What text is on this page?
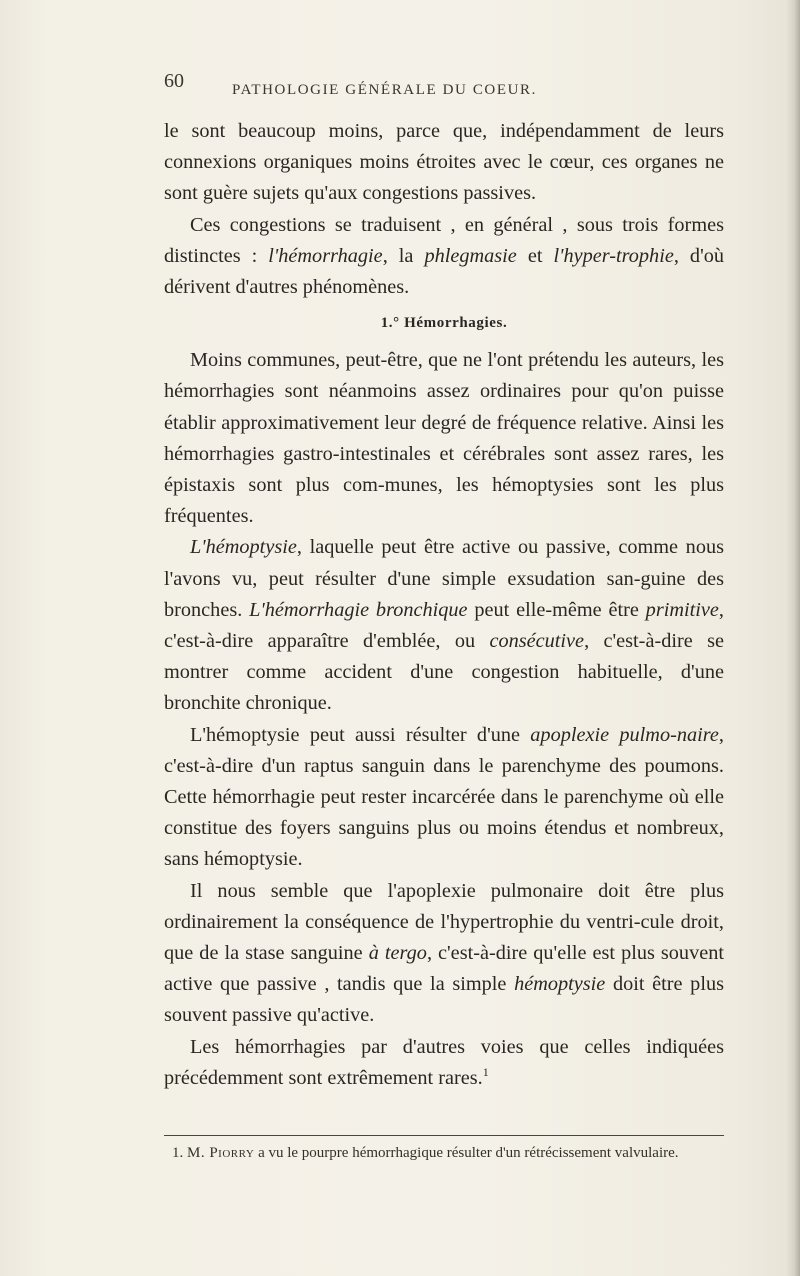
60	PATHOLOGIE GÉNÉRALE DU COEUR.

le sont beaucoup moins, parce que, indépendamment de leurs connexions organiques moins étroites avec le cœur, ces organes ne sont guère sujets qu'aux congestions passives.

Ces congestions se traduisent , en général , sous trois formes distinctes : l'hémorrhagie, la phlegmasie et l'hyper-trophie, d'où dérivent d'autres phénomènes.

1.° Hémorrhagies.

Moins communes, peut-être, que ne l'ont prétendu les auteurs, les hémorrhagies sont néanmoins assez ordinaires pour qu'on puisse établir approximativement leur degré de fréquence relative. Ainsi les hémorrhagies gastro-intestinales et cérébrales sont assez rares, les épistaxis sont plus com-munes, les hémoptysies sont les plus fréquentes.

L'hémoptysie, laquelle peut être active ou passive, comme nous l'avons vu, peut résulter d'une simple exsudation san-guine des bronches. L'hémorrhagie bronchique peut elle-même être primitive, c'est-à-dire apparaître d'emblée, ou consécutive, c'est-à-dire se montrer comme accident d'une congestion habituelle, d'une bronchite chronique.

L'hémoptysie peut aussi résulter d'une apoplexie pulmo-naire, c'est-à-dire d'un raptus sanguin dans le parenchyme des poumons. Cette hémorrhagie peut rester incarcérée dans le parenchyme où elle constitue des foyers sanguins plus ou moins étendus et nombreux, sans hémoptysie.

Il nous semble que l'apoplexie pulmonaire doit être plus ordinairement la conséquence de l'hypertrophie du ventri-cule droit, que de la stase sanguine à tergo, c'est-à-dire qu'elle est plus souvent active que passive , tandis que la simple hémoptysie doit être plus souvent passive qu'active.

Les hémorrhagies par d'autres voies que celles indiquées précédemment sont extrêmement rares.$^1$

1. M. Piorry a vu le pourpre hémorrhagique résulter d'un rétrécissement valvulaire.
